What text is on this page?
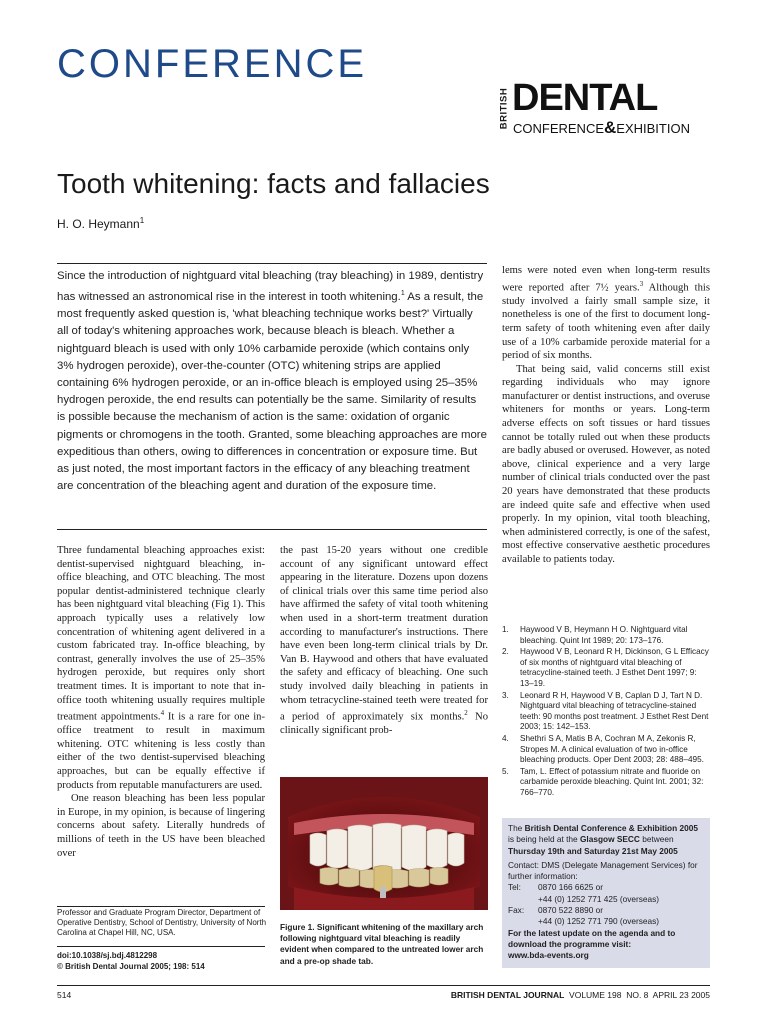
CONFERENCE
BRITISH DENTAL
CONFERENCE&EXHIBITION
Tooth whitening: facts and fallacies
H. O. Heymann$^1$
Since the introduction of nightguard vital bleaching (tray bleaching) in 1989, dentistry has witnessed an astronomical rise in the interest in tooth whitening.$^1$ As a result, the most frequently asked question is, 'what bleaching technique works best?' Virtually all of today's whitening approaches work, because bleach is bleach. Whether a nightguard bleach is used with only 10% carbamide peroxide (which contains only 3% hydrogen peroxide), over-the-counter (OTC) whitening strips are applied containing 6% hydrogen peroxide, or an in-office bleach is employed using 25–35% hydrogen peroxide, the end results can potentially be the same. Similarity of results is possible because the mechanism of action is the same: oxidation of organic pigments or chromogens in the tooth. Granted, some bleaching approaches are more expeditious than others, owing to differences in concentration or exposure time. But as just noted, the most important factors in the efficacy of any bleaching treatment are concentration of the bleaching agent and duration of the exposure time.

Three fundamental bleaching approaches exist: dentist-supervised nightguard bleaching, in-office bleaching, and OTC bleaching. The most popular dentist-administered technique clearly has been nightguard vital bleaching (Fig 1). This approach typically uses a relatively low concentration of whitening agent delivered in a custom fabricated tray. In-office bleaching, by contrast, generally involves the use of 25–35% hydrogen peroxide, but requires only short treatment times. It is important to note that in-office tooth whitening usually requires multiple treatment appointments.$^4$ It is a rare for one in-office treatment to result in maximum whitening. OTC whitening is less costly than either of the two dentist-supervised bleaching approaches, but can be equally effective if products from reputable manufacturers are used.

One reason bleaching has been less popular in Europe, in my opinion, is because of lingering concerns about safety. Literally hundreds of millions of teeth in the US have been bleached over

Professor and Graduate Program Director, Department of Operative Dentistry, School of Dentistry, University of North Carolina at Chapel Hill, NC, USA.
doi:10.1038/sj.bdj.4812298
© British Dental Journal 2005; 198: 514

the past 15-20 years without one credible account of any significant untoward effect appearing in the literature. Dozens upon dozens of clinical trials over this same time period also have affirmed the safety of vital tooth whitening when used in a short-term treatment duration according to manufacturer's instructions. There have even been long-term clinical trials by Dr. Van B. Haywood and others that have evaluated the safety and efficacy of bleaching. One such study involved daily bleaching in patients in whom tetracycline-stained teeth were treated for a period of approximately six months.$^2$ No clinically significant prob-

Figure 1. Significant whitening of the maxillary arch following nightguard vital bleaching is readily evident when compared to the untreated lower arch and a pre-op shade tab.

lems were noted even when long-term results were reported after 7½ years.$^3$ Although this study involved a fairly small sample size, it nonetheless is one of the first to document long-term safety of tooth whitening even after daily use of a 10% carbamide peroxide material for a period of six months.

That being said, valid concerns still exist regarding individuals who may ignore manufacturer or dentist instructions, and overuse whiteners for months or years. Long-term adverse effects on soft tissues or hard tissues cannot be totally ruled out when these products are badly abused or overused. However, as noted above, clinical experience and a very large number of clinical trials conducted over the past 20 years have demonstrated that these products are indeed quite safe and effective when used properly. In my opinion, vital tooth bleaching, when administered correctly, is one of the safest, most effective conservative aesthetic procedures available to patients today.

1.	Haywood V B, Heymann H O. Nightguard vital bleaching. Quint Int 1989; 20: 173–176.
2.	Haywood V B, Leonard R H, Dickinson, G L Efficacy of six months of nightguard vital bleaching of tetracycline-stained teeth. J Esthet Dent 1997; 9: 13–19.
3.	Leonard R H, Haywood V B, Caplan D J, Tart N D. Nightguard vital bleaching of tetracycline-stained teeth: 90 months post treatment. J Esthet Rest Dent 2003; 15: 142–153.
4.	Shethri S A, Matis B A, Cochran M A, Zekonis R, Stropes M. A clinical evaluation of two in-office bleaching products. Oper Dent 2003; 28: 488–495.
5.	Tam, L. Effect of potassium nitrate and fluoride on carbamide peroxide bleaching. Quint Int. 2001; 32: 766–770.
The British Dental Conference & Exhibition 2005 is being held at the Glasgow SECC between
Thursday 19th and Saturday 21st May 2005
Contact: DMS (Delegate Management Services) for further information:
Tel:	0870 166 6625 or
+44 (0) 1252 771 425 (overseas)
Fax:	0870 522 8890 or
+44 (0) 1252 771 790 (overseas)
For the latest update on the agenda and to download the programme visit:
www.bda-events.org
514	BRITISH DENTAL JOURNAL  VOLUME 198  NO. 8  APRIL 23 2005
